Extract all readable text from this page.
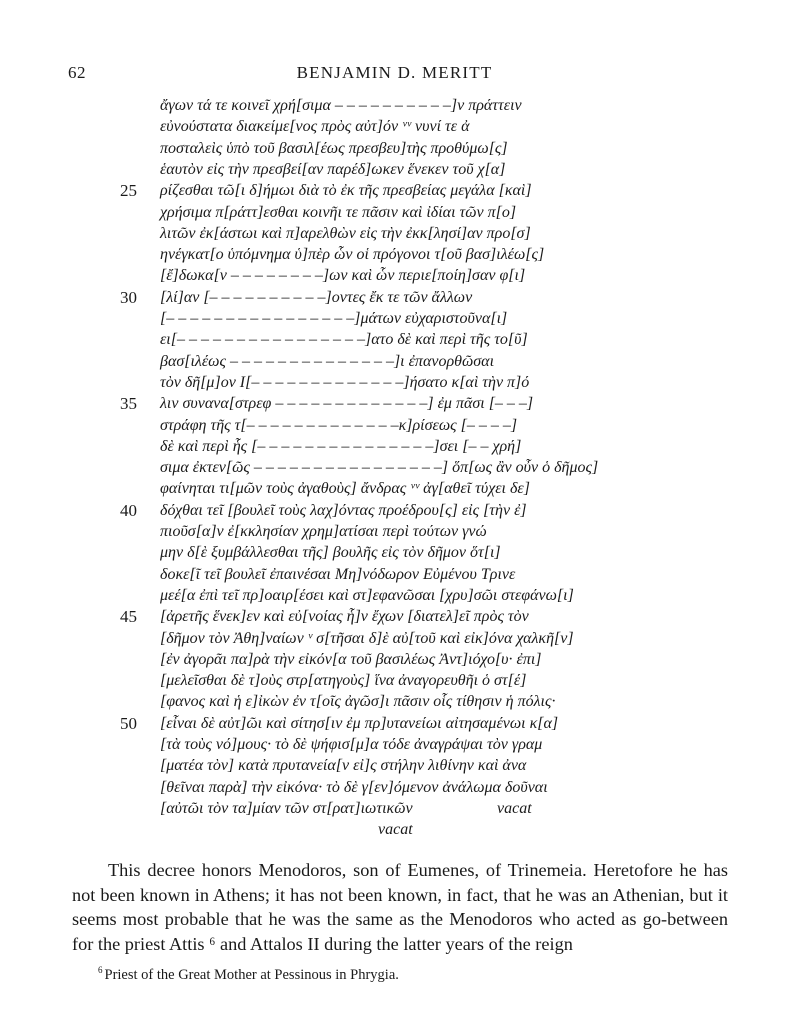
62	BENJAMIN D. MERITT
ἄγων τά τε κοινεῖ χρή[σιμα – – – – – – – – – –]ν πράττειν
εὐνούστατα διακείμε[νος πρὸς αὐτ]όν ᵛᵛ νυνί τε ἀ
ποσταλεὶς ὑπὸ τοῦ βασιλ[έως πρεσβευ]τὴς προθύμω[ς]
ἑαυτὸν εἰς τὴν πρεσβεί[αν παρέδ]ωκεν ἕνεκεν τοῦ χ[α]
ρίζεσθαι τῶ[ι δ]ήμωι διὰ τὸ ἐκ τῆς πρεσβείας μεγάλα [καὶ]
χρήσιμα π[ράττ]εσθαι κοινῆι τε πᾶσιν καὶ ἰδίαι τῶν π[ο]
λιτῶν ἐκ[άστωι καὶ π]αρελθὼν εἰς τὴν ἐκκ[λησί]αν προ[σ]
ηνέγκατ[ο ὑπόμνημα ὑ]πὲρ ὧν οἱ πρόγονοι τ[οῦ βασ]ιλέω[ς]
[ἔ]δωκα[ν – – – – – – – –]ων καὶ ὧν περιε[ποίη]σαν φ[ι]
[λί]αν [– – – – – – – – – –]οντες ἔκ τε τῶν ἄλλων
[– – – – – – – – – – – – – – – –]μάτων εὐχαριστοῦνα[ι]
ει[– – – – – – – – – – – – – – – –]ατο δὲ καὶ περὶ τῆς το[ῦ]
βασ[ιλέως – – – – – – – – – – – – – –]ι ἐπανορθῶσαι
τὸν δῆ[μ]ον I[– – – – – – – – – – – – –]ήσατο κ[αὶ τὴν π]ό
λιν συνανα[στρεφ – – – – – – – – – – – – –] ἐμ πᾶσι [– – –]
στράφη τῆς τ[– – – – – – – – – – – – –κ]ρίσεως [– – – –]
δὲ καὶ περὶ ἧς [– – – – – – – – – – – – – – –]σει [– – χρή]
σιμα ἐκτεν[ῶς – – – – – – – – – – – – – – – –] ὅπ[ως ἂν οὖν ὁ δῆμος]
φαίνηται τι[μῶν τοὺς ἀγαθοὺς] ἄνδρας ᵛᵛ ἀγ[αθεῖ τύχει δε]
δόχθαι τεῖ [βουλεῖ τοὺς λαχ]όντας προέδρου[ς] εἰς [τὴν ἐ]
πιοῦσ[α]ν ἐ[κκλησίαν χρημ]ατίσαι περὶ τούτων γνώ
μην δ[ὲ ξυμβάλλεσθαι τῆς] βουλῆς εἰς τὸν δῆμον ὅτ[ι]
δοκε[ῖ τεῖ βουλεῖ ἐπαινέσαι Μη]νόδωρον Εὐμένου Τρινε
μεέ[α ἐπὶ τεῖ πρ]οαιρ[έσει καὶ στ]εφανῶσαι [χρυ]σῶι στεφάνω[ι]
[ἀρετῆς ἕνεκ]εν καὶ εὐ[νοίας ἧ]ν ἔχων [διατελ]εῖ πρὸς τὸν
[δῆμον τὸν Ἀθη]ναίων ᵛ σ[τῆσαι δ]ὲ αὐ[τοῦ καὶ εἰκ]όνα χαλκῆ[ν]
[ἐν ἀγορᾶι πα]ρὰ τὴν εἰκόν[α τοῦ βασιλέως Ἀντ]ιόχο[υ· ἐπι]
[μελεῖσθαι δὲ τ]οὺς στρ[ατηγοὺς] ἵνα ἀναγορευθῆι ὁ στ[έ]
[φανος καὶ ἡ ε]ἰκὼν ἐν τ[οῖς ἀγῶσ]ι πᾶσιν οἷς τίθησιν ἡ πόλις·
[εἶναι δὲ αὐτ]ῶι καὶ σίτησ[ιν ἐμ πρ]υτανείωι αἰτησαμένωι κ[α]
[τὰ τοὺς νό]μους· τὸ δὲ ψήφισ[μ]α τόδε ἀναγράψαι τὸν γραμ
[ματέα τὸν] κατὰ πρυτανεία[ν εἰ]ς στήλην λιθίνην καὶ ἀνα
[θεῖναι παρὰ] τὴν εἰκόνα· τὸ δὲ γ[εν]όμενον ἀνάλωμα δοῦναι
[αὐτῶι τὸν τα]μίαν τῶν στ[ρατ]ιωτικῶν
25
30
35
40
45
50
vacat
vacat

This decree honors Menodoros, son of Eumenes, of Trinemeia. Heretofore he has not been known in Athens; it has not been known, in fact, that he was an Athenian, but it seems most probable that he was the same as the Menodoros who acted as go-between for the priest Attis ⁶ and Attalos II during the latter years of the reign

$^6$ Priest of the Great Mother at Pessinous in Phrygia.
